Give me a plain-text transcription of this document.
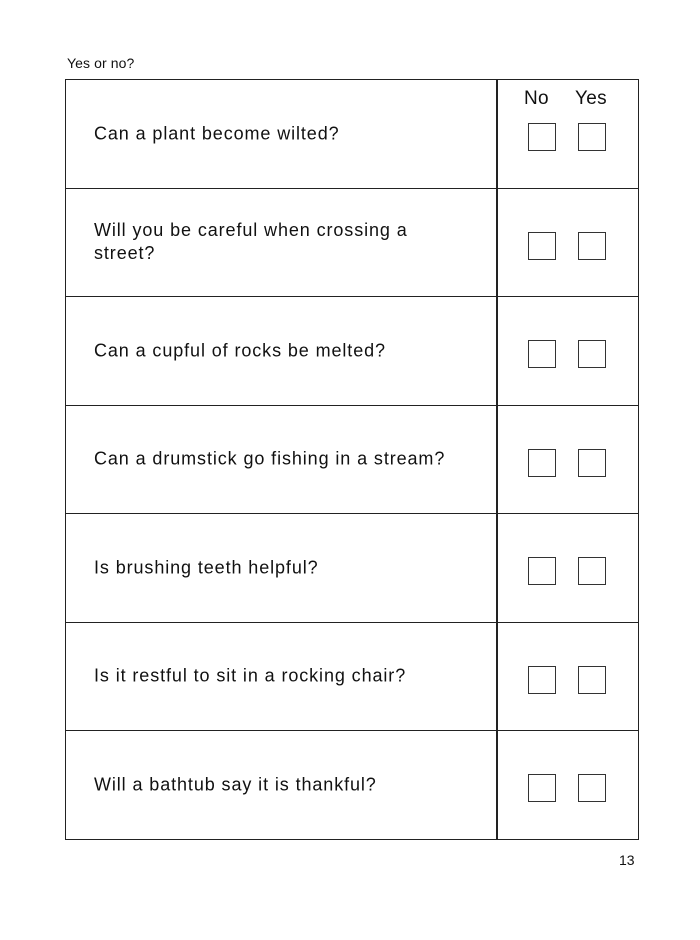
Yes or no?
No Yes
Can a plant become wilted?
Will you be careful when crossing a street?
Can a cupful of rocks be melted?
Can a drumstick go fishing in a stream?
Is brushing teeth helpful?
Is it restful to sit in a rocking chair?
Will a bathtub say it is thankful?
13
